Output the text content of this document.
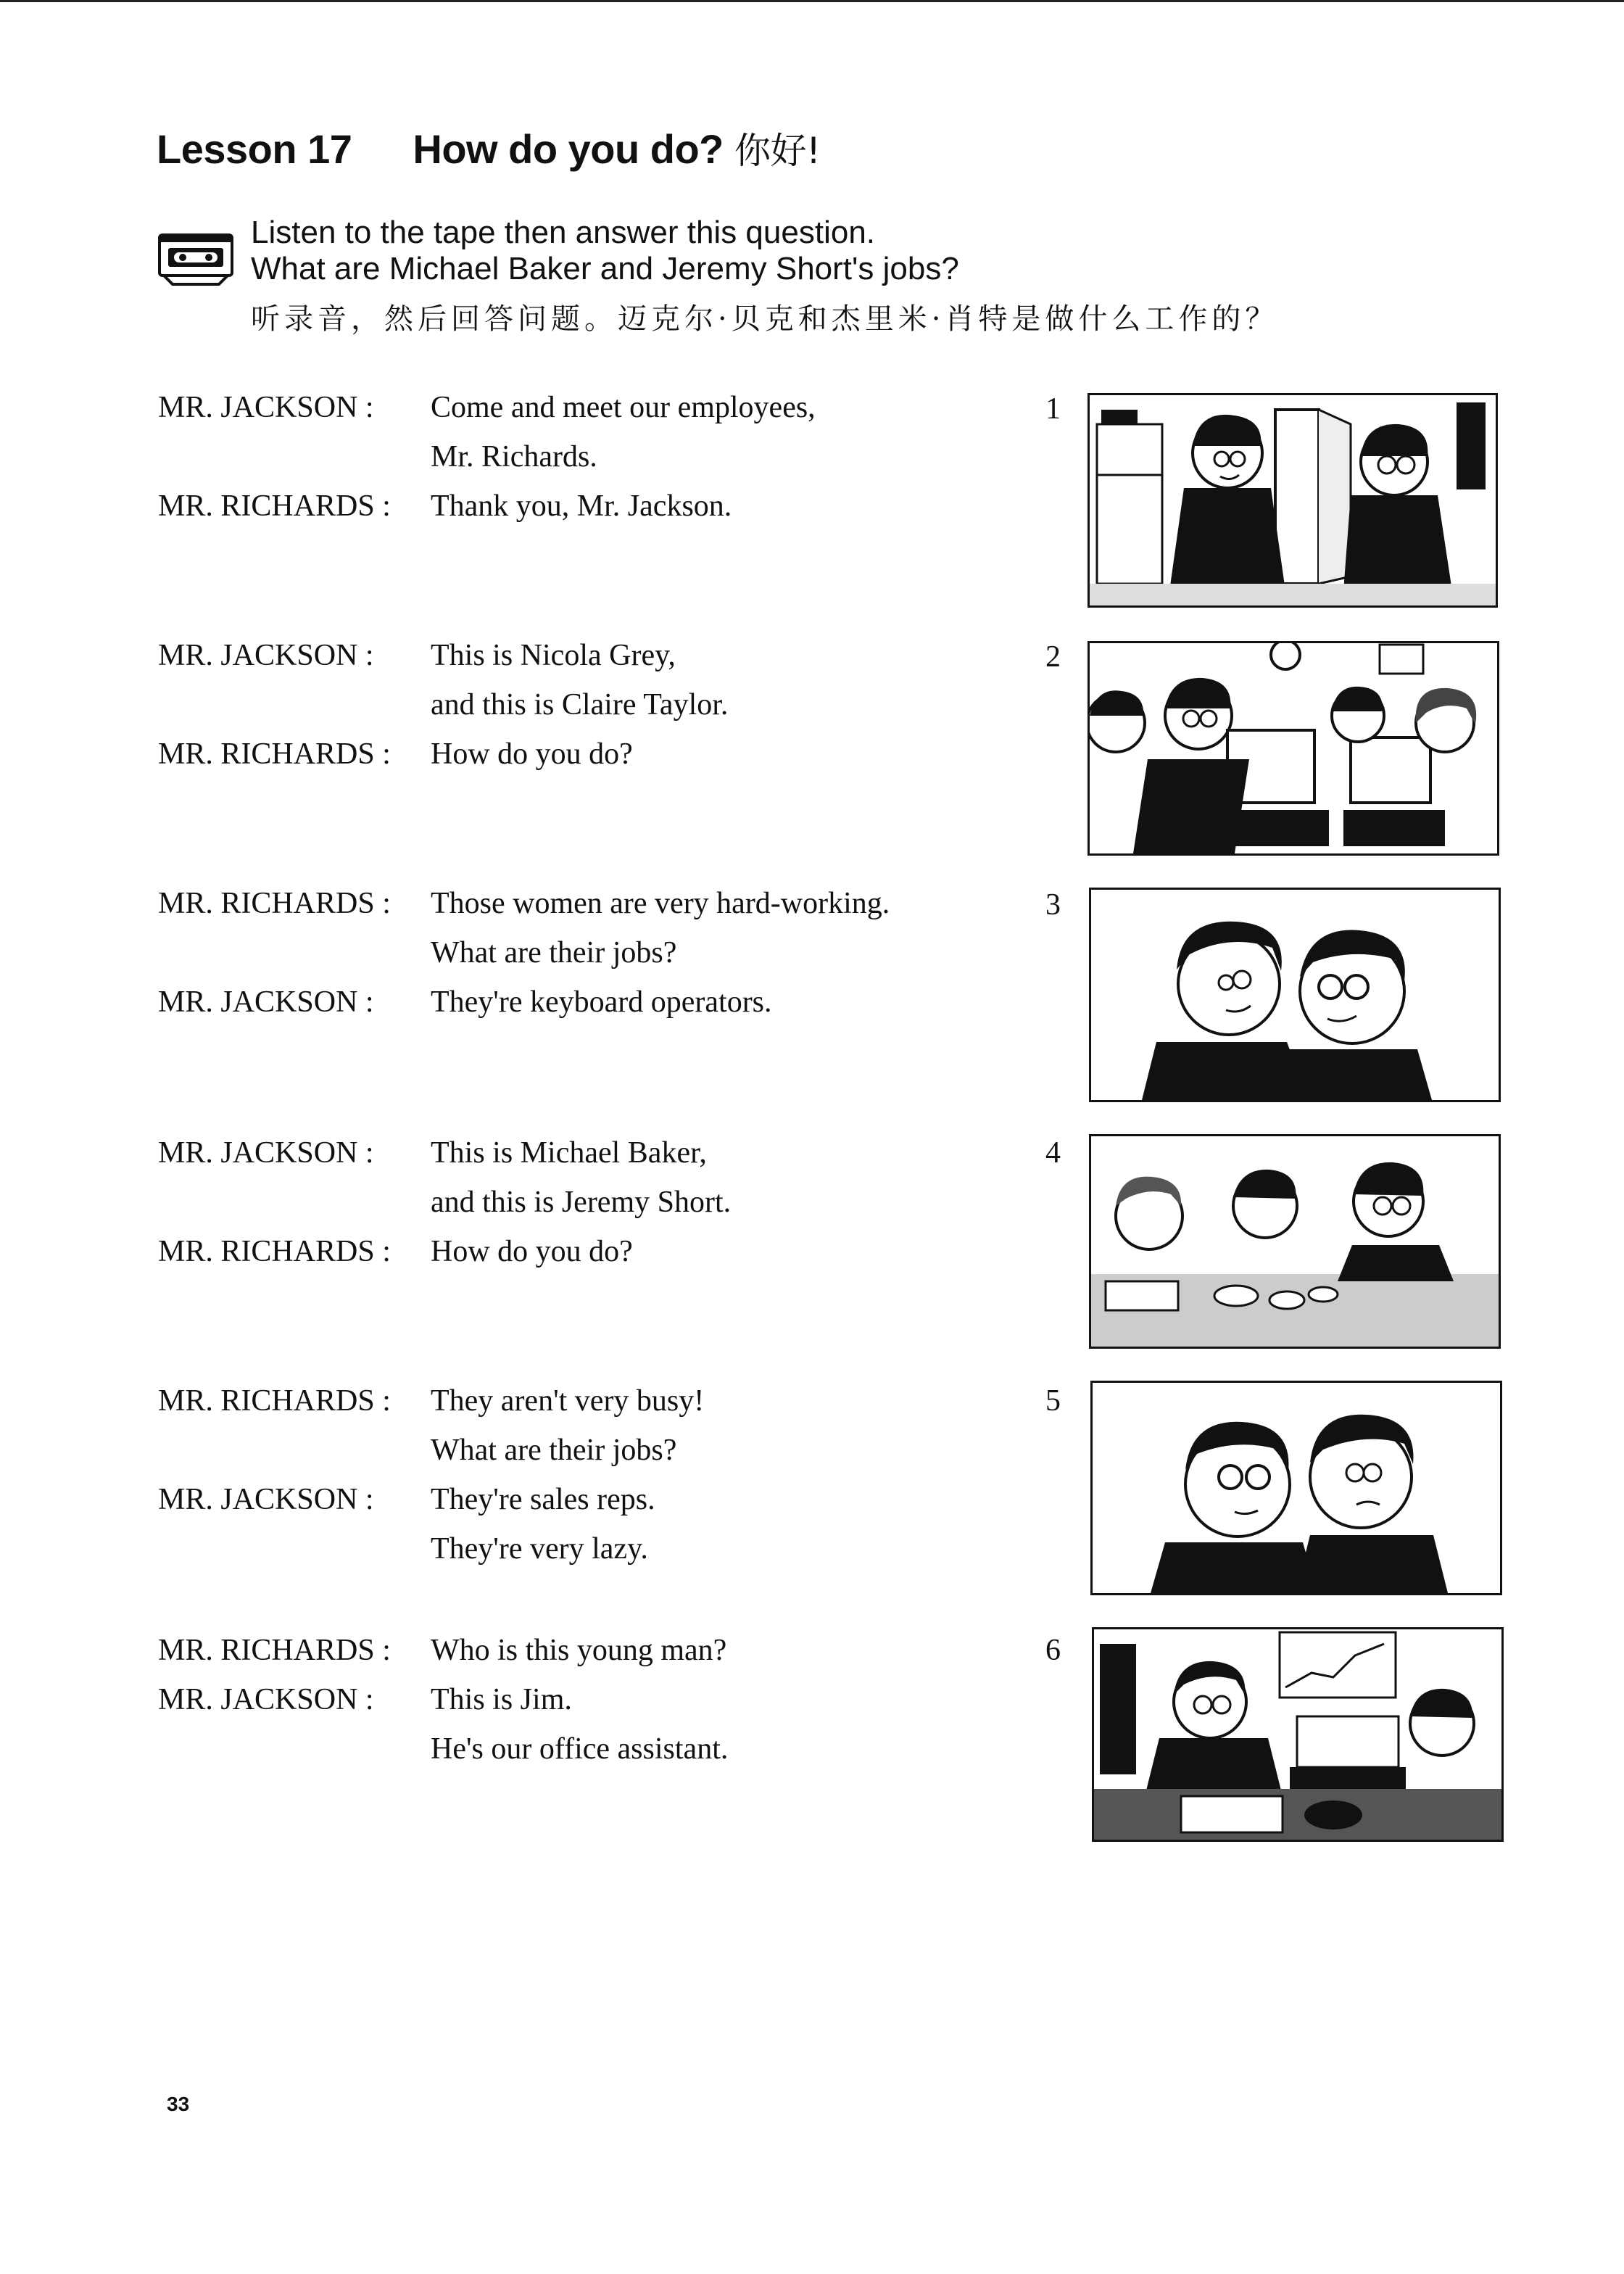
Lesson 17 How do you do? 你好!
Listen to the tape then answer this question.
What are Michael Baker and Jeremy Short's jobs?
听录音，然后回答问题。迈克尔·贝克和杰里米·肖特是做什么工作的？
MR. JACKSON : Come and meet our employees,
Mr. Richards.
MR. RICHARDS : Thank you, Mr. Jackson.
1
MR. JACKSON : This is Nicola Grey,
and this is Claire Taylor.
MR. RICHARDS : How do you do?
2
MR. RICHARDS : Those women are very hard-working.
What are their jobs?
MR. JACKSON : They're keyboard operators.
3
MR. JACKSON : This is Michael Baker,
and this is Jeremy Short.
MR. RICHARDS : How do you do?
4
MR. RICHARDS : They aren't very busy!
What are their jobs?
MR. JACKSON : They're sales reps.
They're very lazy.
5
MR. RICHARDS : Who is this young man?
MR. JACKSON : This is Jim.
He's our office assistant.
6
33
